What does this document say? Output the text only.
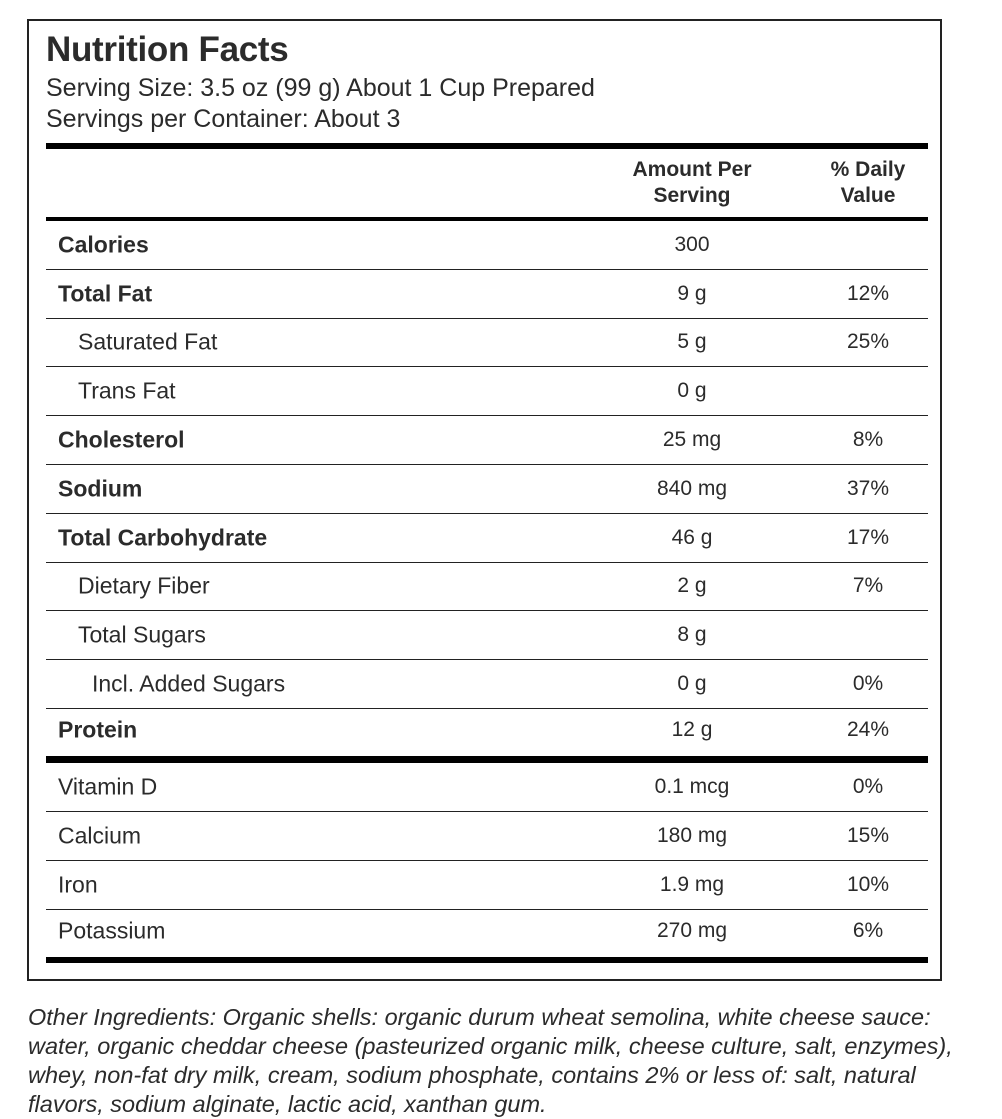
Nutrition Facts
Serving Size: 3.5 oz (99 g) About 1 Cup Prepared
Servings per Container: About 3
Amount Per Serving
% Daily Value
Calories	300
Total Fat	9 g	12%
Saturated Fat	5 g	25%
Trans Fat	0 g
Cholesterol	25 mg	8%
Sodium	840 mg	37%
Total Carbohydrate	46 g	17%
Dietary Fiber	2 g	7%
Total Sugars	8 g
Incl. Added Sugars	0 g	0%
Protein	12 g	24%
Vitamin D	0.1 mcg	0%
Calcium	180 mg	15%
Iron	1.9 mg	10%
Potassium	270 mg	6%
Other Ingredients: Organic shells: organic durum wheat semolina, white cheese sauce: water, organic cheddar cheese (pasteurized organic milk, cheese culture, salt, enzymes), whey, non-fat dry milk, cream, sodium phosphate, contains 2% or less of: salt, natural flavors, sodium alginate, lactic acid, xanthan gum.
